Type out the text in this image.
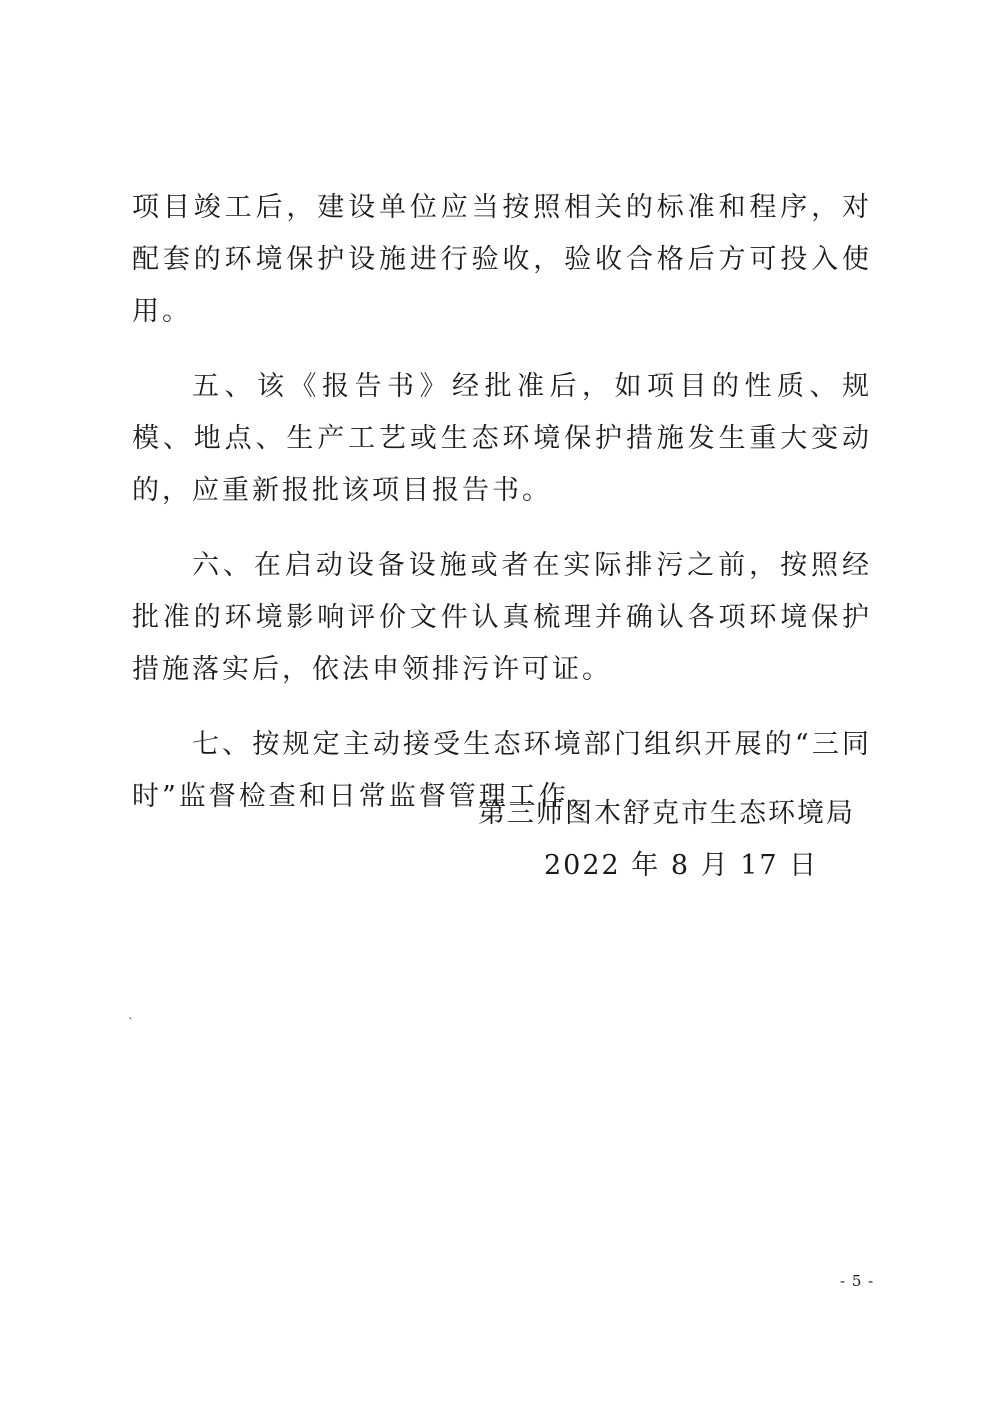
项目竣工后，建设单位应当按照相关的标准和程序，对配套的环境保护设施进行验收，验收合格后方可投入使用。

五、该《报告书》经批准后，如项目的性质、规模、地点、生产工艺或生态环境保护措施发生重大变动的，应重新报批该项目报告书。

六、在启动设备设施或者在实际排污之前，按照经批准的环境影响评价文件认真梳理并确认各项环境保护措施落实后，依法申领排污许可证。

七、按规定主动接受生态环境部门组织开展的“三同时”监督检查和日常监督管理工作。

第三师图木舒克市生态环境局
2022 年 8 月 17 日
`
- 5 -
